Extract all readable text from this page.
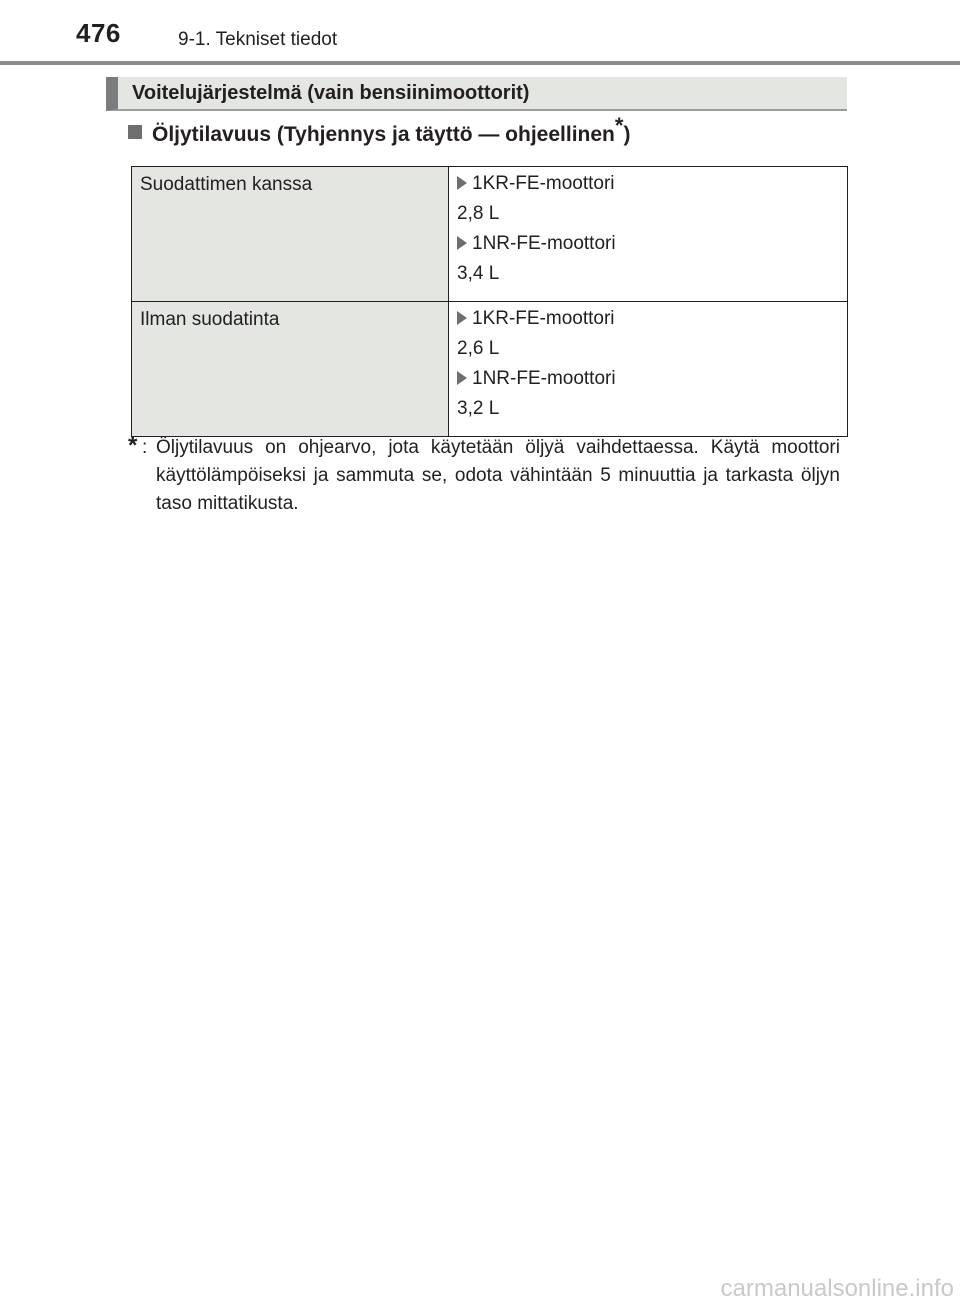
476	9-1. Tekniset tiedot
Voitelujärjestelmä (vain bensiinimoottorit)
Öljytilavuus (Tyhjennys ja täyttö — ohjeellinen*)
Suodattimen kanssa	1KR-FE-moottori
2,8 L
1NR-FE-moottori
3,4 L

Ilman suodatinta	1KR-FE-moottori
2,6 L
1NR-FE-moottori
3,2 L
* : Öljytilavuus on ohjearvo, jota käytetään öljyä vaihdettaessa. Käytä moottori käyttölämpöiseksi ja sammuta se, odota vähintään 5 minuuttia ja tarkasta öljyn taso mittatikusta.
carmanualsonline.info
